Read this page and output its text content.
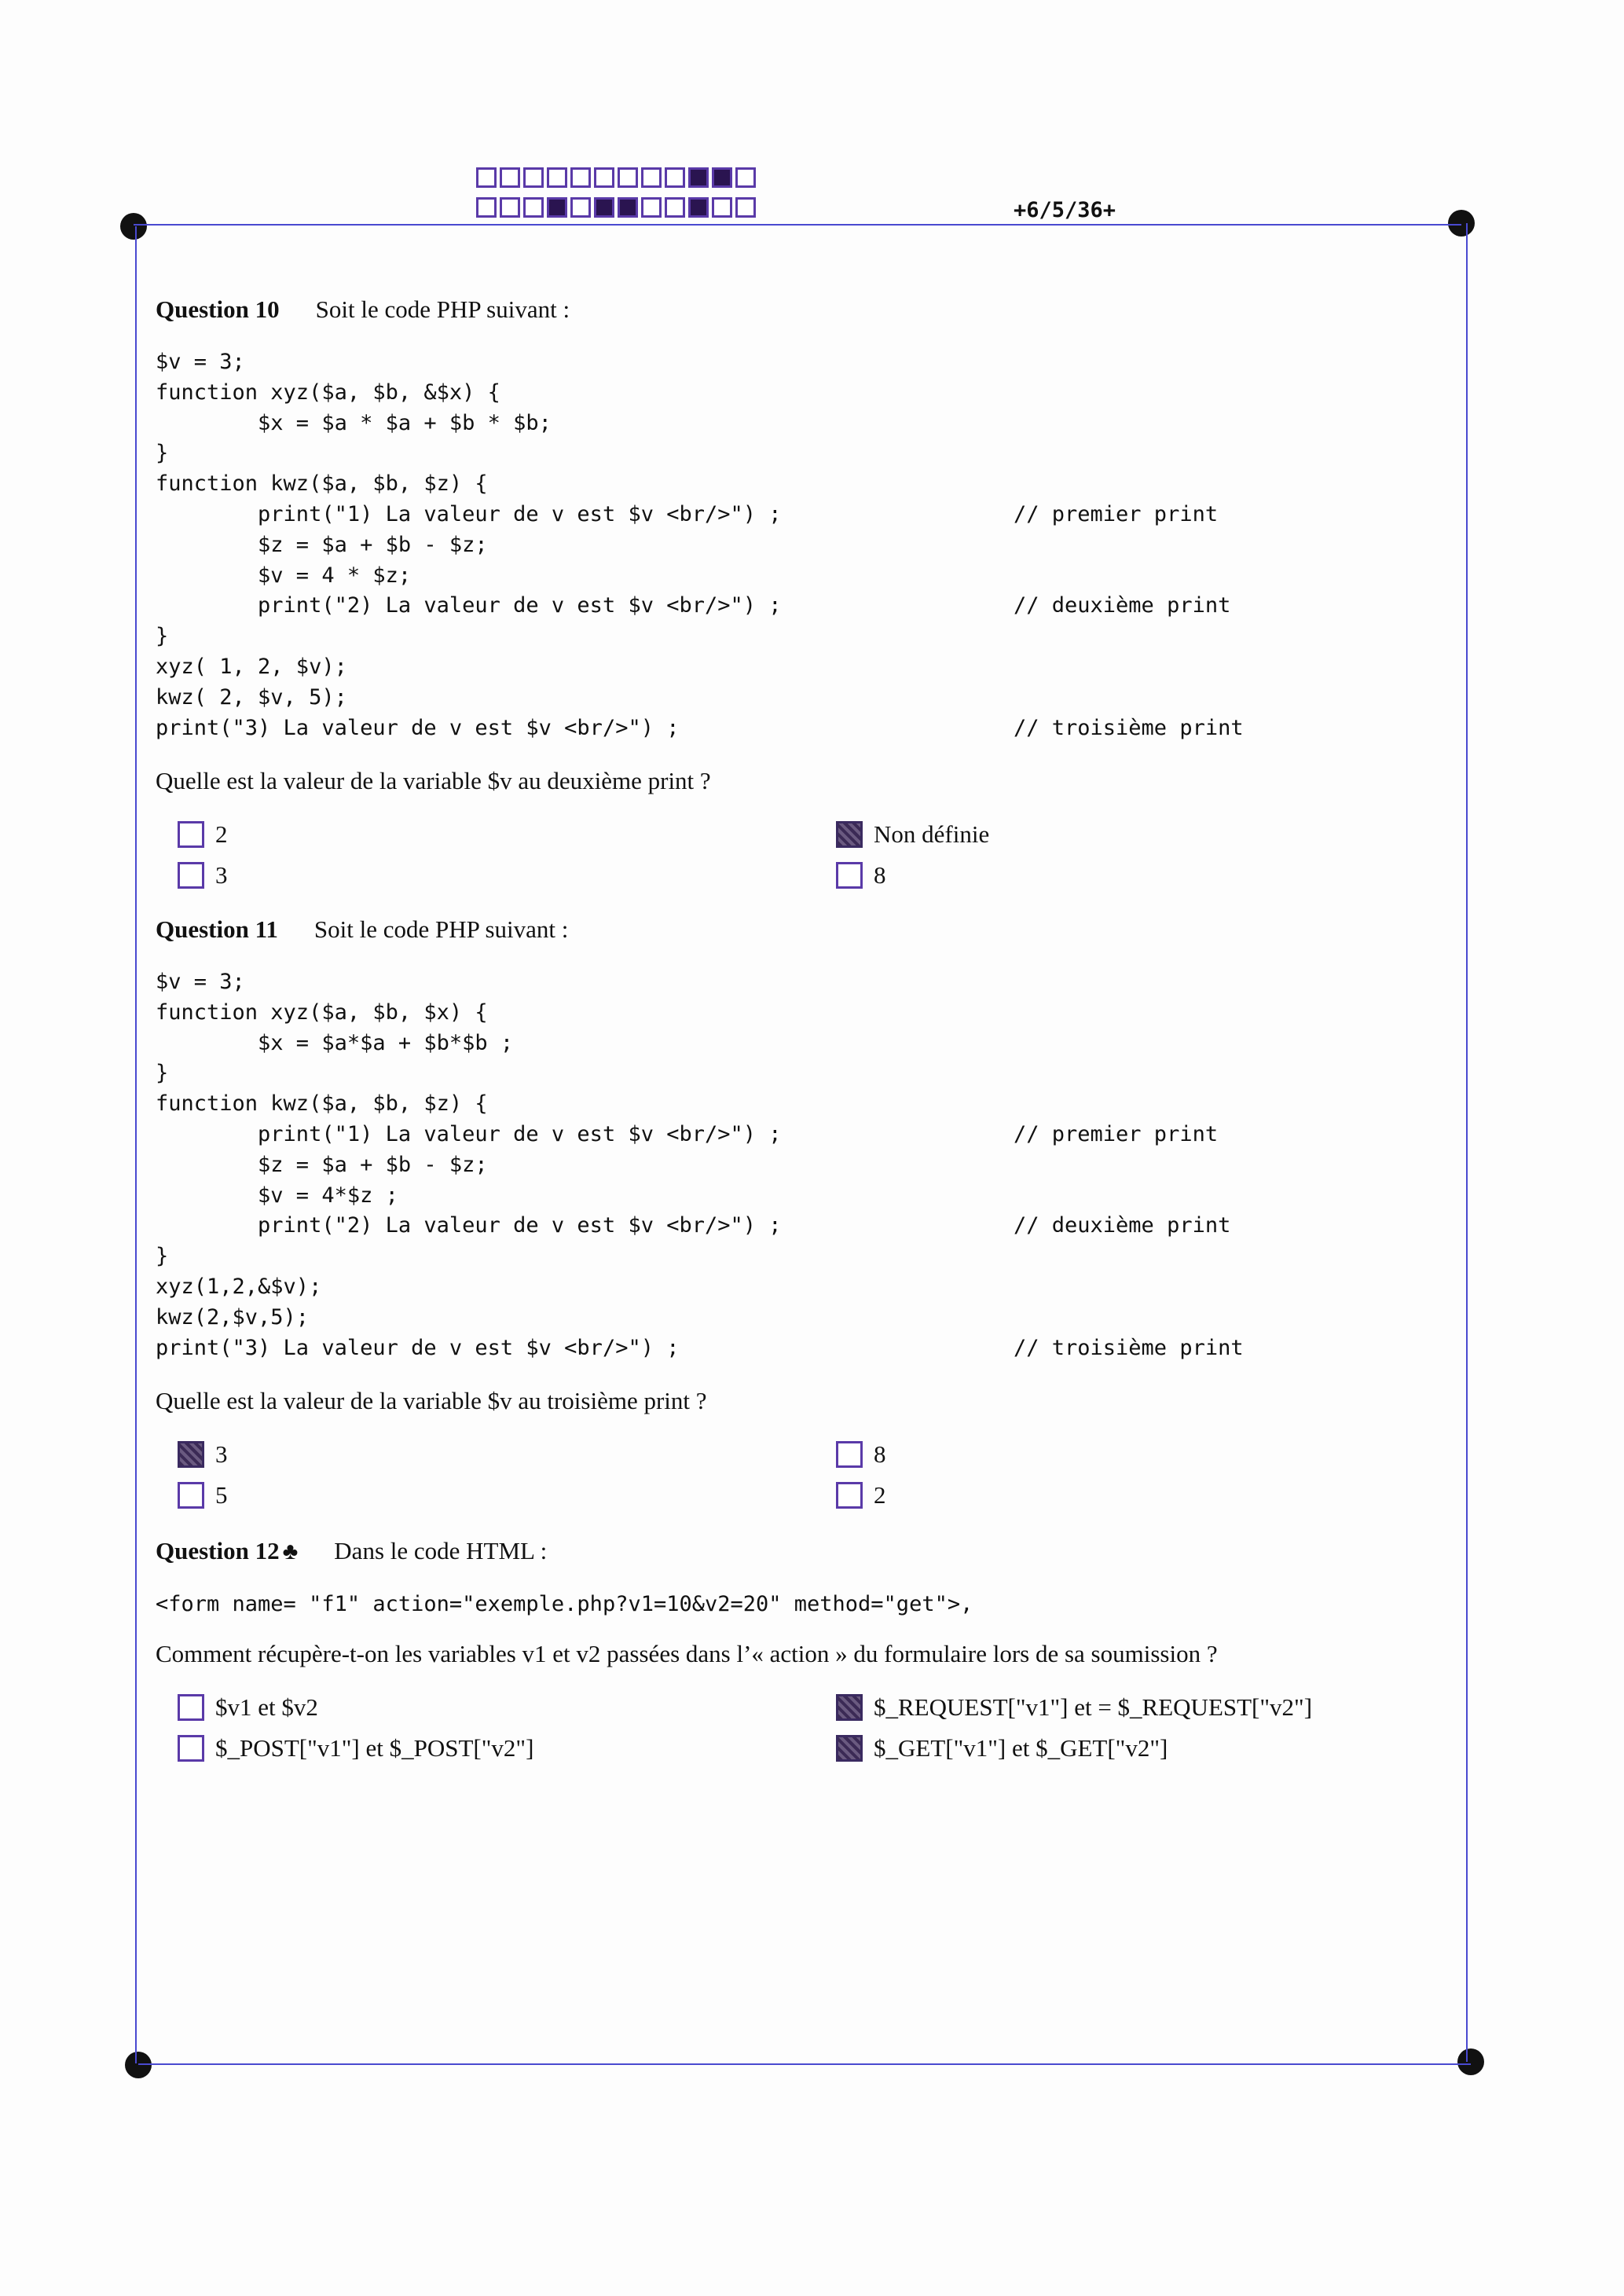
+6/5/36+
Question 10 Soit le code PHP suivant :
$v = 3;
function xyz($a, $b, &$x) {
$x = $a * $a + $b * $b;
}
function kwz($a, $b, $z) {
print("1) La valeur de v est $v <br/>") ;	// premier print
$z = $a + $b - $z;
$v = 4 * $z;
print("2) La valeur de v est $v <br/>") ;	// deuxième print
}
xyz( 1, 2, $v);
kwz( 2, $v, 5);
print("3) La valeur de v est $v <br/>") ;	// troisième print
Quelle est la valeur de la variable $v au deuxième print ?
2
3
Non définie
8
Question 11 Soit le code PHP suivant :
$v = 3;
function xyz($a, $b, $x) {
$x = $a*$a + $b*$b ;
}
function kwz($a, $b, $z) {
print("1) La valeur de v est $v <br/>") ;	// premier print
$z = $a + $b - $z;
$v = 4*$z ;
print("2) La valeur de v est $v <br/>") ;	// deuxième print
}
xyz(1,2,&$v);
kwz(2,$v,5);
print("3) La valeur de v est $v <br/>") ;	// troisième print
Quelle est la valeur de la variable $v au troisième print ?
3
5
8
2
Question 12 ♣ Dans le code HTML :
<form name= "f1" action="exemple.php?v1=10&v2=20" method="get">,
Comment récupère-t-on les variables v1 et v2 passées dans l’« action » du formulaire lors de sa soumission ?
$v1 et $v2
$_POST["v1"] et $_POST["v2"]
$_REQUEST["v1"] et = $_REQUEST["v2"]
$_GET["v1"] et $_GET["v2"]
